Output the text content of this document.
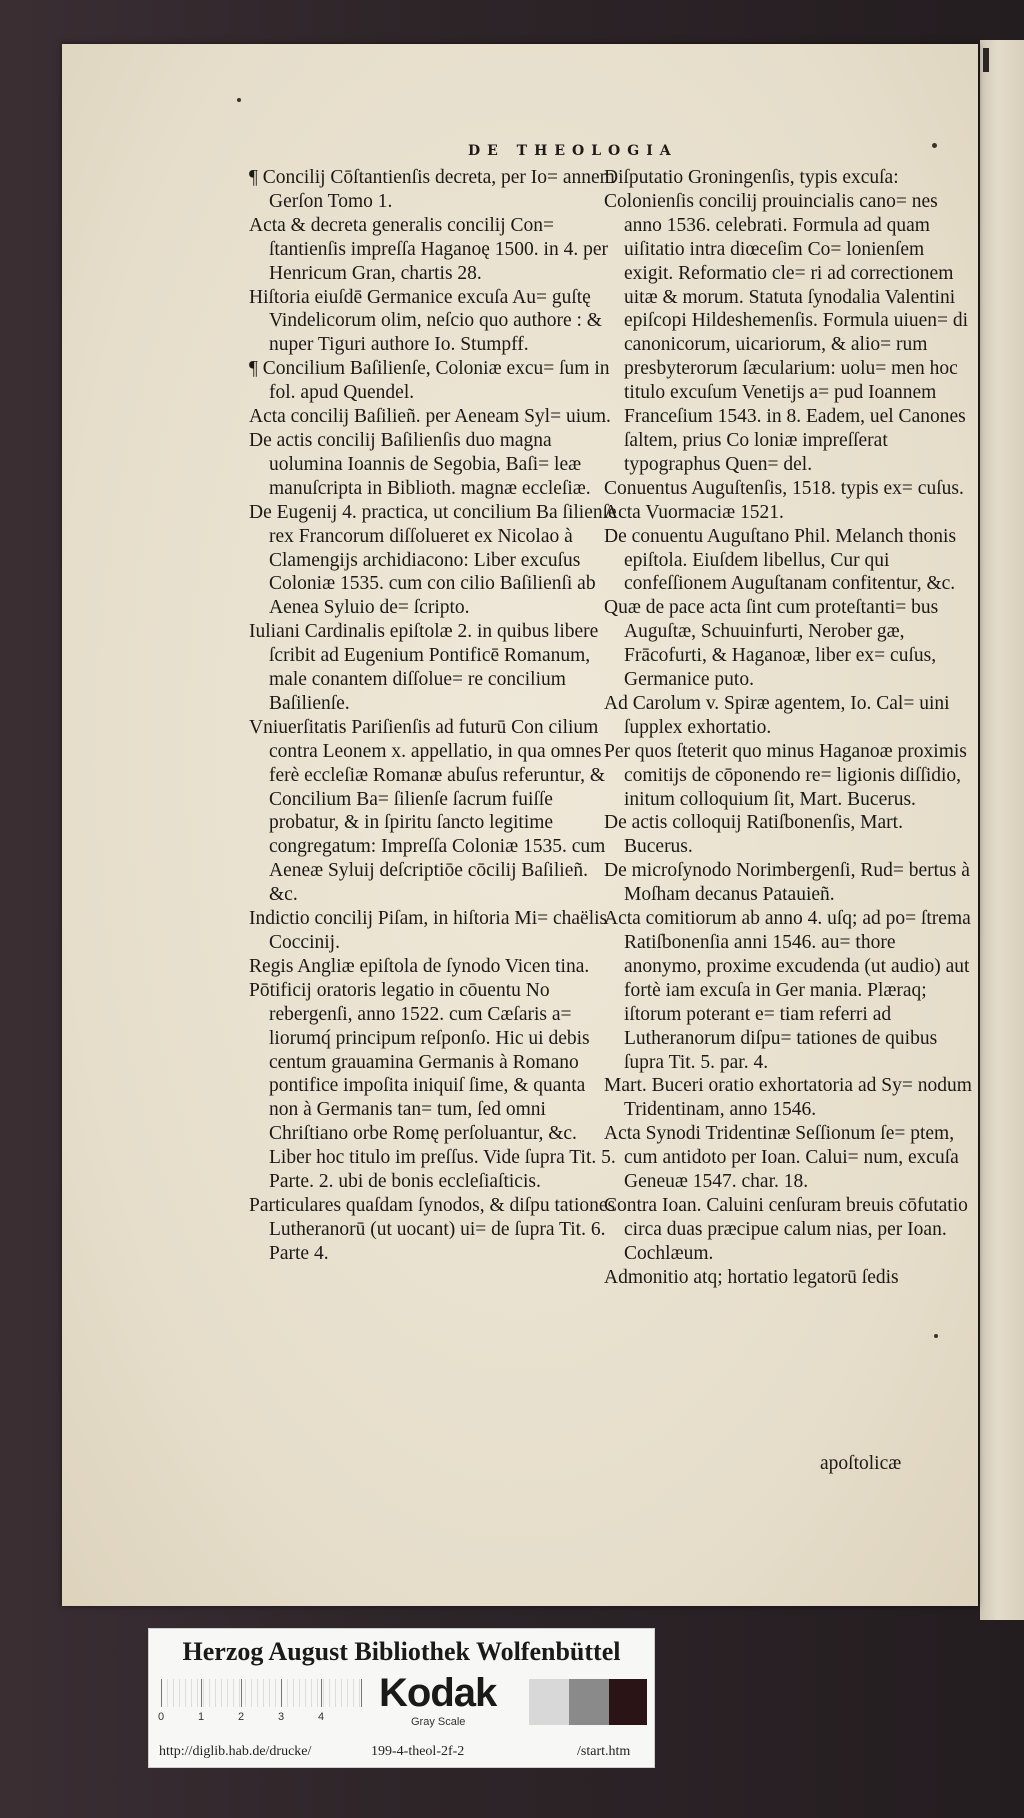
DE THEOLOGIA

¶ Concilij Cōſtantienſis decreta, per Io= annem Gerſon Tomo 1.

Acta & decreta generalis concilij Con= ſtantienſis impreſſa Haganoę 1500. in 4. per Henricum Gran, chartis 28.

Hiſtoria eiuſdē Germanice excuſa Au= guſtę Vindelicorum olim, neſcio quo authore : & nuper Tiguri authore Io. Stumpff.

¶ Concilium Baſilienſe, Coloniæ excu= ſum in fol. apud Quendel.

Acta concilij Baſilieñ. per Aeneam Syl= uium.

De actis concilij Baſilienſis duo magna uolumina Ioannis de Segobia, Baſi= leæ manuſcripta in Biblioth. magnæ eccleſiæ.

De Eugenij 4. practica, ut concilium Ba ſilienſe rex Francorum diſſolueret ex Nicolao à Clamengijs archidiacono: Liber excuſus Coloniæ 1535. cum con cilio Baſilienſi ab Aenea Syluio de= ſcripto.

Iuliani Cardinalis epiſtolæ 2. in quibus libere ſcribit ad Eugenium Pontificē Romanum, male conantem diſſolue= re concilium Baſilienſe.

Vniuerſitatis Pariſienſis ad futurū Con cilium contra Leonem x. appellatio, in qua omnes ferè eccleſiæ Romanæ abuſus referuntur, & Concilium Ba= ſilienſe ſacrum fuiſſe probatur, & in ſpiritu ſancto legitime congregatum: Impreſſa Coloniæ 1535. cum Aeneæ Syluij deſcriptiōe cōcilij Baſilieñ. &c.

Indictio concilij Piſam, in hiſtoria Mi= chaëlis Coccinij.

Regis Angliæ epiſtola de ſynodo Vicen tina.

Pōtificij oratoris legatio in cōuentu No rebergenſi, anno 1522. cum Cæſaris a= liorumq́ principum reſponſo. Hic ui debis centum grauamina Germanis à Romano pontifice impoſita iniquiſ ſime, & quanta non à Germanis tan= tum, ſed omni Chriſtiano orbe Romę perſoluantur, &c. Liber hoc titulo im preſſus. Vide ſupra Tit. 5. Parte. 2. ubi de bonis eccleſiaſticis.

Particulares quaſdam ſynodos, & diſpu tationes Lutheranorū (ut uocant) ui= de ſupra Tit. 6. Parte 4.

Diſputatio Groningenſis, typis excuſa:

Colonienſis concilij prouincialis cano= nes anno 1536. celebrati. Formula ad quam uiſitatio intra diœceſim Co= lonienſem exigit. Reformatio cle= ri ad correctionem uitæ & morum. Statuta ſynodalia Valentini epiſcopi Hildeshemenſis. Formula uiuen= di canonicorum, uicariorum, & alio= rum presbyterorum ſæcularium: uolu= men hoc titulo excuſum Venetijs a= pud Ioannem Franceſium 1543. in 8. Eadem, uel Canones ſaltem, prius Co loniæ impreſſerat typographus Quen= del.

Conuentus Auguſtenſis, 1518. typis ex= cuſus.

Acta Vuormaciæ 1521.

De conuentu Auguſtano Phil. Melanch thonis epiſtola. Eiuſdem libellus, Cur qui confeſſionem Auguſtanam confitentur, &c.

Quæ de pace acta ſint cum proteſtanti= bus Auguſtæ, Schuuinfurti, Nerober gæ, Frācofurti, & Haganoæ, liber ex= cuſus, Germanice puto.

Ad Carolum v. Spiræ agentem, Io. Cal= uini ſupplex exhortatio.

Per quos ſteterit quo minus Haganoæ proximis comitijs de cōponendo re= ligionis diſſidio, initum colloquium ſit, Mart. Bucerus.

De actis colloquij Ratiſbonenſis, Mart. Bucerus.

De microſynodo Norimbergenſi, Rud= bertus à Moſham decanus Patauieñ.

Acta comitiorum ab anno 4. uſq; ad po= ſtrema Ratiſbonenſia anni 1546. au= thore anonymo, proxime excudenda (ut audio) aut fortè iam excuſa in Ger mania. Plæraq; iſtorum poterant e= tiam referri ad Lutheranorum diſpu= tationes de quibus ſupra Tit. 5. par. 4.

Mart. Buceri oratio exhortatoria ad Sy= nodum Tridentinam, anno 1546.

Acta Synodi Tridentinæ Seſſionum ſe= ptem, cum antidoto per Ioan. Calui= num, excuſa Geneuæ 1547. char. 18.

Contra Ioan. Caluini cenſuram breuis cōfutatio circa duas præcipue calum nias, per Ioan. Cochlæum.

Admonitio atq; hortatio legatorū ſedis

apoſtolicæ
Herzog August Bibliothek Wolfenbüttel
0	1	2	3	4
Kodak
Gray Scale
http://diglib.hab.de/drucke/	199-4-theol-2f-2	/start.htm
